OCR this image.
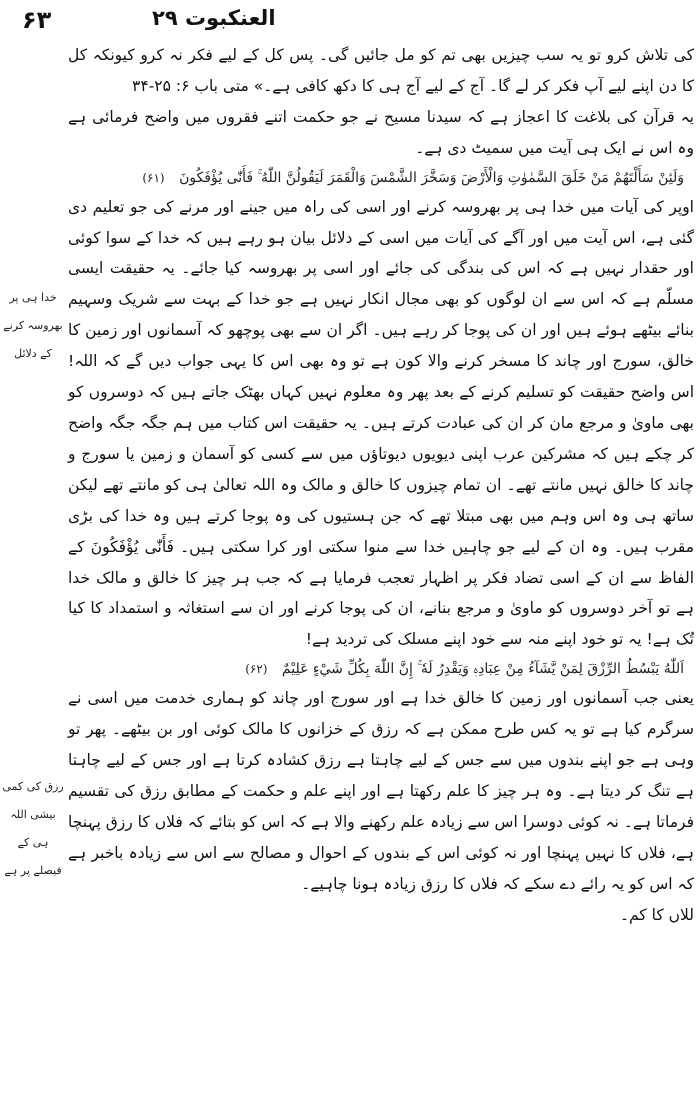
۶۳	العنکبوت ۲۹

کی تلاش کرو تو یہ سب چیزیں بھی تم کو مل جائیں گی۔ پس کل کے لیے فکر نہ کرو کیونکہ کل کا دن اپنے لیے آپ فکر کر لے گا۔ آج کے لیے آج ہی کا دکھ کافی ہے۔» متی باب ۶: ۲۵-۳۴

یہ قرآن کی بلاغت کا اعجاز ہے کہ سیدنا مسیح نے جو حکمت اتنے فقروں میں واضح فرمائی ہے وہ اس نے ایک ہی آیت میں سمیٹ دی ہے۔

وَلَئِنْ سَأَلْتَهُمْ مَنْ خَلَقَ السَّمٰوٰتِ وَالْأَرْضَ وَسَخَّرَ الشَّمْسَ وَالْقَمَرَ لَيَقُولُنَّ اللّٰهُ ۚ فَأَنّٰى يُؤْفَكُونَ (۶۱)

اوپر کی آیات میں خدا ہی پر بھروسہ کرنے اور اسی کی راہ میں جینے اور مرنے کی جو تعلیم دی گئی ہے، اس آیت میں اور آگے کی آیات میں اسی کے دلائل بیان ہو رہے ہیں کہ خدا کے سوا کوئی اور حقدار نہیں ہے کہ اس کی بندگی کی جائے اور اسی پر بھروسہ کیا جائے۔ یہ حقیقت ایسی مسلّم ہے کہ اس سے ان لوگوں کو بھی مجال انکار نہیں ہے جو خدا کے بہت سے شریک وسہیم بنائے بیٹھے ہوئے ہیں اور ان کی پوجا کر رہے ہیں۔ اگر ان سے بھی پوچھو کہ آسمانوں اور زمین کا خالق، سورج اور چاند کا مسخر کرنے والا کون ہے تو وہ بھی اس کا یہی جواب دیں گے کہ اللہ! اس واضح حقیقت کو تسلیم کرنے کے بعد پھر وہ معلوم نہیں کہاں بھٹک جاتے ہیں کہ دوسروں کو بھی ماویٰ و مرجع مان کر ان کی عبادت کرتے ہیں۔ یہ حقیقت اس کتاب میں ہم جگہ جگہ واضح کر چکے ہیں کہ مشرکین عرب اپنی دیویوں دیوتاؤں میں سے کسی کو آسمان و زمین یا سورج و چاند کا خالق نہیں مانتے تھے۔ ان تمام چیزوں کا خالق و مالک وہ اللہ تعالیٰ ہی کو مانتے تھے لیکن ساتھ ہی وہ اس وہم میں بھی مبتلا تھے کہ جن ہستیوں کی وہ پوجا کرتے ہیں وہ خدا کی بڑی مقرب ہیں۔ وہ ان کے لیے جو چاہیں خدا سے منوا سکتی اور کرا سکتی ہیں۔ فَأَنّٰى يُؤْفَكُونَ کے الفاظ سے ان کے اسی تضاد فکر پر اظہار تعجب فرمایا ہے کہ جب ہر چیز کا خالق و مالک خدا ہے تو آخر دوسروں کو ماویٰ و مرجع بنانے، ان کی پوجا کرنے اور ان سے استغاثہ و استمداد کا کیا تُک ہے! یہ تو خود اپنے منہ سے خود اپنے مسلک کی تردید ہے!

اَللّٰهُ يَبْسُطُ الرِّزْقَ لِمَنْ يَّشَآءُ مِنْ عِبَادِهٖ وَيَقْدِرُ لَهٗ ۚ إِنَّ اللّٰهَ بِكُلِّ شَيْءٍ عَلِيْمٌ (۶۲)

یعنی جب آسمانوں اور زمین کا خالق خدا ہے اور سورج اور چاند کو ہماری خدمت میں اسی نے سرگرم کیا ہے تو یہ کس طرح ممکن ہے کہ رزق کے خزانوں کا مالک کوئی اور بن بیٹھے۔ پھر تو وہی ہے جو اپنے بندوں میں سے جس کے لیے چاہتا ہے رزق کشادہ کرتا ہے اور جس کے لیے چاہتا ہے تنگ کر دیتا ہے۔ وہ ہر چیز کا علم رکھتا ہے اور اپنے علم و حکمت کے مطابق رزق کی تقسیم فرماتا ہے۔ نہ کوئی دوسرا اس سے زیادہ علم رکھنے والا ہے کہ اس کو بتائے کہ فلاں کا رزق پہنچا ہے، فلاں کا نہیں پہنچا اور نہ کوئی اس کے بندوں کے احوال و مصالح سے اس سے زیادہ باخبر ہے کہ اس کو یہ رائے دے سکے کہ فلاں کا رزق زیادہ ہونا چاہیے۔

للاں کا کم۔

خدا ہی پر بھروسہ کرنے کے دلائل
رزق کی کمی بیشی اللہ ہی کے فیصلے پر ہے
